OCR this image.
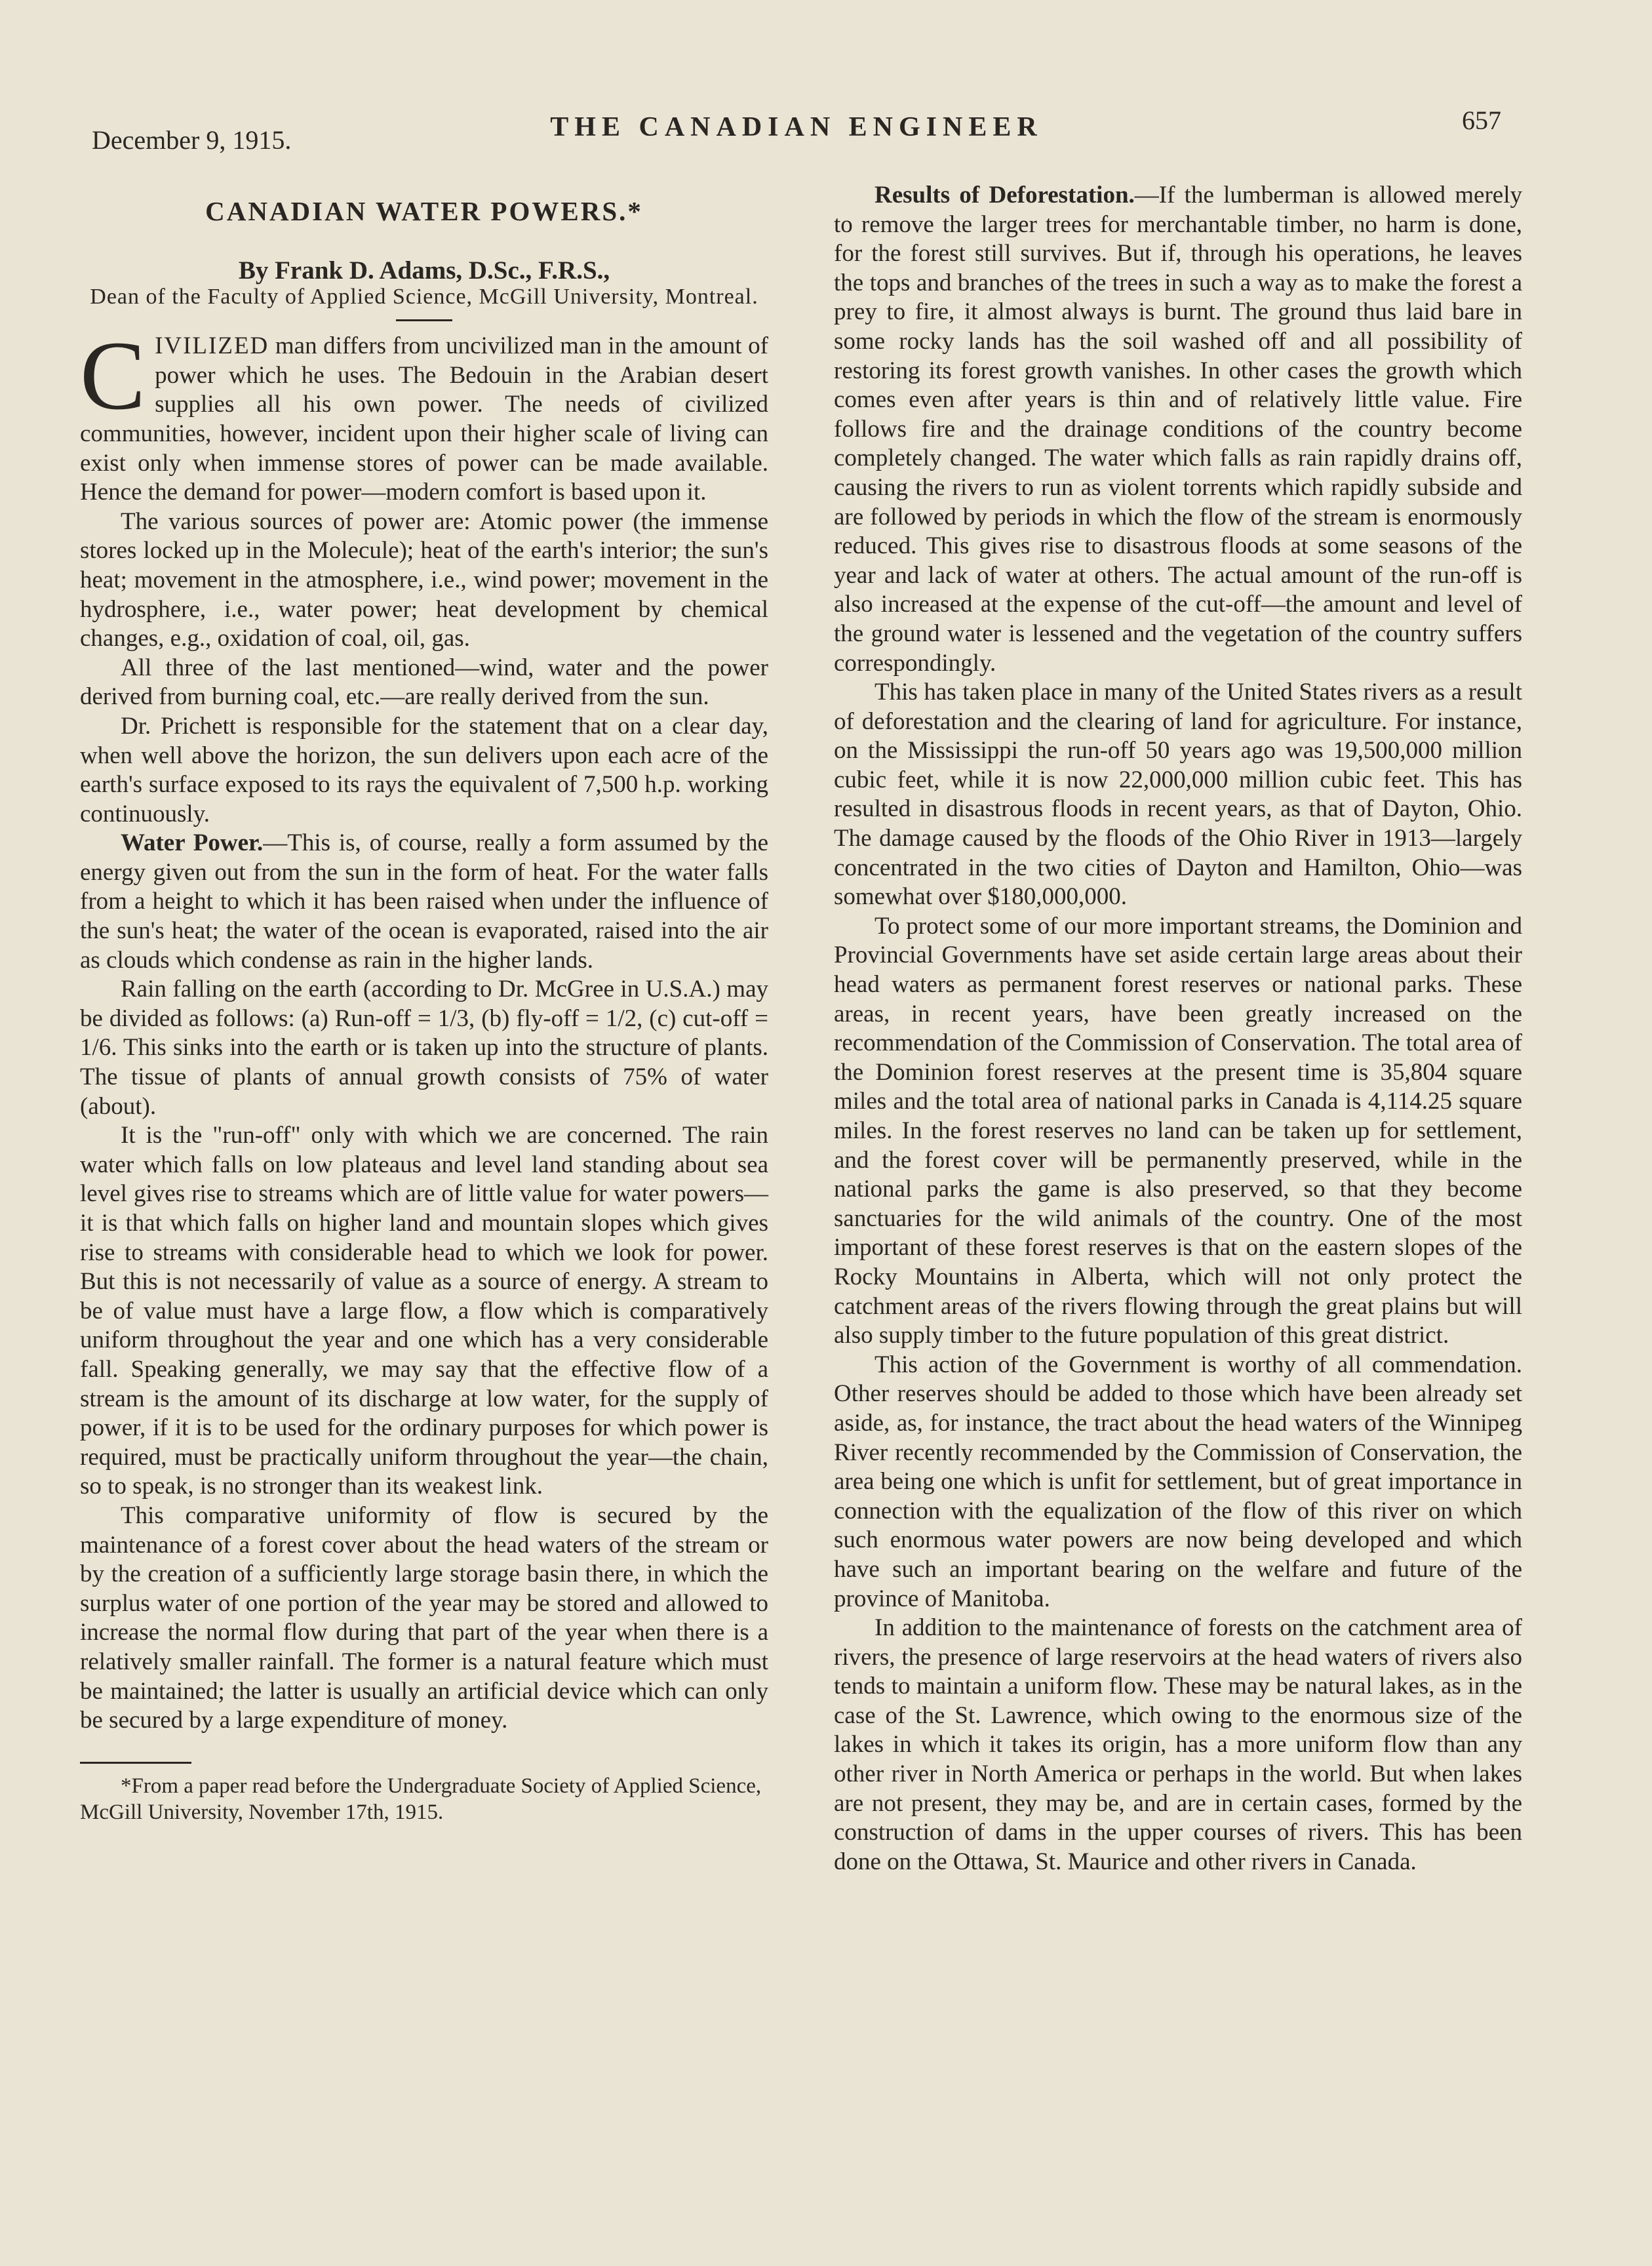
December 9, 1915.	THE CANADIAN ENGINEER	657
CANADIAN WATER POWERS.*
By Frank D. Adams, D.Sc., F.R.S.,
Dean of the Faculty of Applied Science, McGill University, Montreal.

CIVILIZED man differs from uncivilized man in the amount of power which he uses. The Bedouin in the Arabian desert supplies all his own power. The needs of civilized communities, however, incident upon their higher scale of living can exist only when immense stores of power can be made available. Hence the demand for power—modern comfort is based upon it.

The various sources of power are: Atomic power (the immense stores locked up in the Molecule); heat of the earth's interior; the sun's heat; movement in the atmosphere, i.e., wind power; movement in the hydrosphere, i.e., water power; heat development by chemical changes, e.g., oxidation of coal, oil, gas.

All three of the last mentioned—wind, water and the power derived from burning coal, etc.—are really derived from the sun.

Dr. Prichett is responsible for the statement that on a clear day, when well above the horizon, the sun delivers upon each acre of the earth's surface exposed to its rays the equivalent of 7,500 h.p. working continuously.

Water Power.—This is, of course, really a form assumed by the energy given out from the sun in the form of heat. For the water falls from a height to which it has been raised when under the influence of the sun's heat; the water of the ocean is evaporated, raised into the air as clouds which condense as rain in the higher lands.

Rain falling on the earth (according to Dr. McGree in U.S.A.) may be divided as follows: (a) Run-off = 1/3, (b) fly-off = 1/2, (c) cut-off = 1/6. This sinks into the earth or is taken up into the structure of plants. The tissue of plants of annual growth consists of 75% of water (about).

It is the "run-off" only with which we are concerned. The rain water which falls on low plateaus and level land standing about sea level gives rise to streams which are of little value for water powers—it is that which falls on higher land and mountain slopes which gives rise to streams with considerable head to which we look for power. But this is not necessarily of value as a source of energy. A stream to be of value must have a large flow, a flow which is comparatively uniform throughout the year and one which has a very considerable fall. Speaking generally, we may say that the effective flow of a stream is the amount of its discharge at low water, for the supply of power, if it is to be used for the ordinary purposes for which power is required, must be practically uniform throughout the year—the chain, so to speak, is no stronger than its weakest link.

This comparative uniformity of flow is secured by the maintenance of a forest cover about the head waters of the stream or by the creation of a sufficiently large storage basin there, in which the surplus water of one portion of the year may be stored and allowed to increase the normal flow during that part of the year when there is a relatively smaller rainfall. The former is a natural feature which must be maintained; the latter is usually an artificial device which can only be secured by a large expenditure of money.

*From a paper read before the Undergraduate Society of Applied Science, McGill University, November 17th, 1915.

Results of Deforestation.—If the lumberman is allowed merely to remove the larger trees for merchantable timber, no harm is done, for the forest still survives. But if, through his operations, he leaves the tops and branches of the trees in such a way as to make the forest a prey to fire, it almost always is burnt. The ground thus laid bare in some rocky lands has the soil washed off and all possibility of restoring its forest growth vanishes. In other cases the growth which comes even after years is thin and of relatively little value. Fire follows fire and the drainage conditions of the country become completely changed. The water which falls as rain rapidly drains off, causing the rivers to run as violent torrents which rapidly subside and are followed by periods in which the flow of the stream is enormously reduced. This gives rise to disastrous floods at some seasons of the year and lack of water at others. The actual amount of the run-off is also increased at the expense of the cut-off—the amount and level of the ground water is lessened and the vegetation of the country suffers correspondingly.

This has taken place in many of the United States rivers as a result of deforestation and the clearing of land for agriculture. For instance, on the Mississippi the run-off 50 years ago was 19,500,000 million cubic feet, while it is now 22,000,000 million cubic feet. This has resulted in disastrous floods in recent years, as that of Dayton, Ohio. The damage caused by the floods of the Ohio River in 1913—largely concentrated in the two cities of Dayton and Hamilton, Ohio—was somewhat over $180,000,000.

To protect some of our more important streams, the Dominion and Provincial Governments have set aside certain large areas about their head waters as permanent forest reserves or national parks. These areas, in recent years, have been greatly increased on the recommendation of the Commission of Conservation. The total area of the Dominion forest reserves at the present time is 35,804 square miles and the total area of national parks in Canada is 4,114.25 square miles. In the forest reserves no land can be taken up for settlement, and the forest cover will be permanently preserved, while in the national parks the game is also preserved, so that they become sanctuaries for the wild animals of the country. One of the most important of these forest reserves is that on the eastern slopes of the Rocky Mountains in Alberta, which will not only protect the catchment areas of the rivers flowing through the great plains but will also supply timber to the future population of this great district.

This action of the Government is worthy of all commendation. Other reserves should be added to those which have been already set aside, as, for instance, the tract about the head waters of the Winnipeg River recently recommended by the Commission of Conservation, the area being one which is unfit for settlement, but of great importance in connection with the equalization of the flow of this river on which such enormous water powers are now being developed and which have such an important bearing on the welfare and future of the province of Manitoba.

In addition to the maintenance of forests on the catchment area of rivers, the presence of large reservoirs at the head waters of rivers also tends to maintain a uniform flow. These may be natural lakes, as in the case of the St. Lawrence, which owing to the enormous size of the lakes in which it takes its origin, has a more uniform flow than any other river in North America or perhaps in the world. But when lakes are not present, they may be, and are in certain cases, formed by the construction of dams in the upper courses of rivers. This has been done on the Ottawa, St. Maurice and other rivers in Canada.
